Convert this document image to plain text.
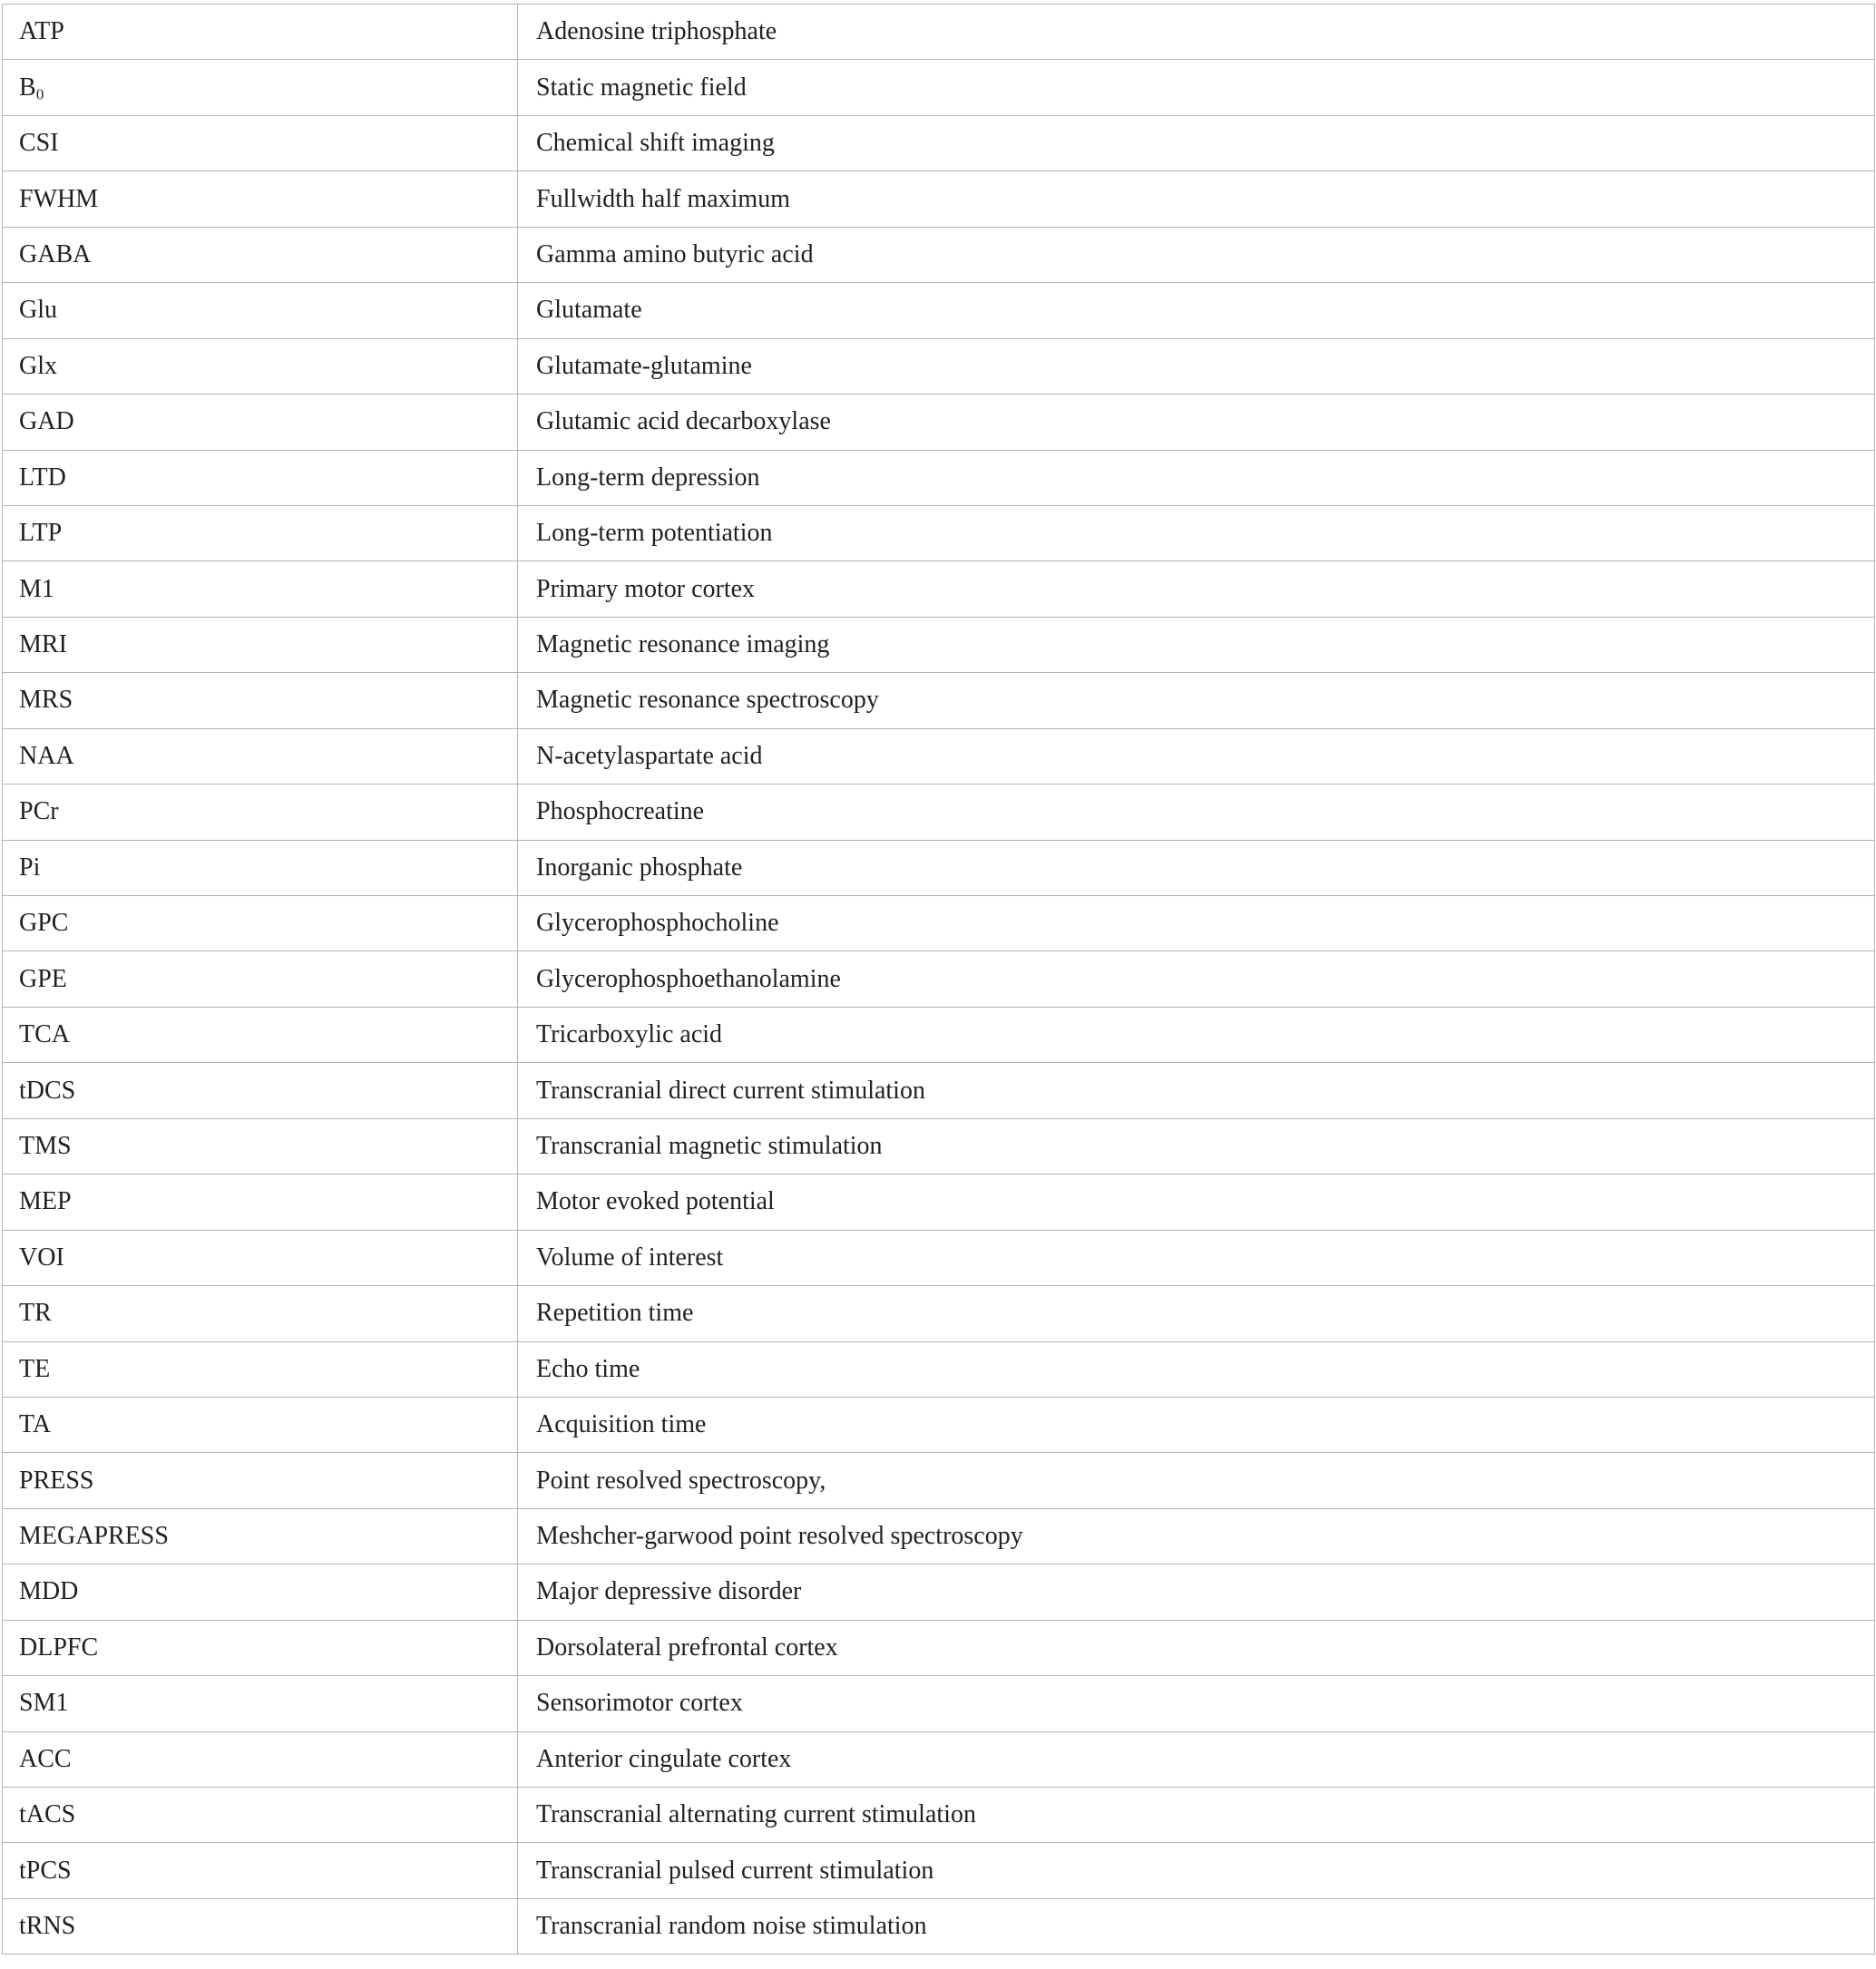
ATP	Adenosine triphosphate
$B_0$	Static magnetic field
CSI	Chemical shift imaging
FWHM	Fullwidth half maximum
GABA	Gamma amino butyric acid
Glu	Glutamate
Glx	Glutamate-glutamine
GAD	Glutamic acid decarboxylase
LTD	Long-term depression
LTP	Long-term potentiation
M1	Primary motor cortex
MRI	Magnetic resonance imaging
MRS	Magnetic resonance spectroscopy
NAA	N-acetylaspartate acid
PCr	Phosphocreatine
Pi	Inorganic phosphate
GPC	Glycerophosphocholine
GPE	Glycerophosphoethanolamine
TCA	Tricarboxylic acid
tDCS	Transcranial direct current stimulation
TMS	Transcranial magnetic stimulation
MEP	Motor evoked potential
VOI	Volume of interest
TR	Repetition time
TE	Echo time
TA	Acquisition time
PRESS	Point resolved spectroscopy,
MEGAPRESS	Meshcher-garwood point resolved spectroscopy
MDD	Major depressive disorder
DLPFC	Dorsolateral prefrontal cortex
SM1	Sensorimotor cortex
ACC	Anterior cingulate cortex
tACS	Transcranial alternating current stimulation
tPCS	Transcranial pulsed current stimulation
tRNS	Transcranial random noise stimulation
